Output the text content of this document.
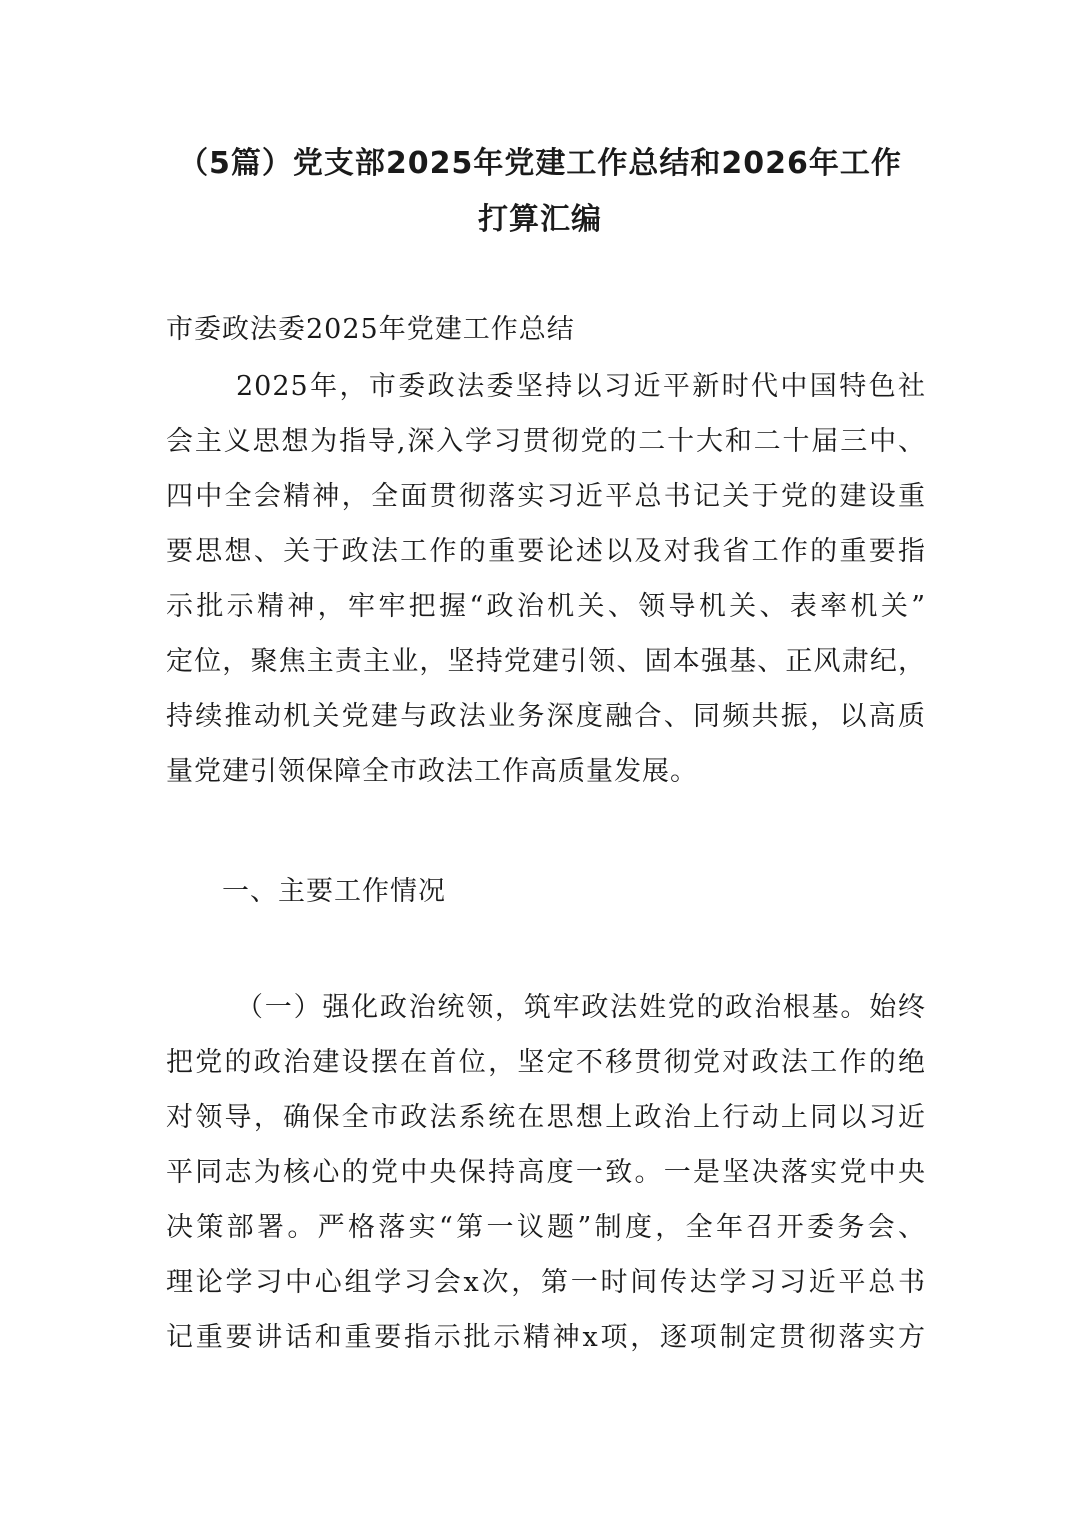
（5篇）党支部2025年党建工作总结和2026年工作
打算汇编

市委政法委2025年党建工作总结

2025年，市委政法委坚持以习近平新时代中国特色社

会主义思想为指导,深入学习贯彻党的二十大和二十届三中、

四中全会精神，全面贯彻落实习近平总书记关于党的建设重

要思想、关于政法工作的重要论述以及对我省工作的重要指

示批示精神，牢牢把握“政治机关、领导机关、表率机关”

定位，聚焦主责主业，坚持党建引领、固本强基、正风肃纪，

持续推动机关党建与政法业务深度融合、同频共振，以高质

量党建引领保障全市政法工作高质量发展。

一、主要工作情况

（一）强化政治统领，筑牢政法姓党的政治根基。始终

把党的政治建设摆在首位，坚定不移贯彻党对政法工作的绝

对领导，确保全市政法系统在思想上政治上行动上同以习近

平同志为核心的党中央保持高度一致。一是坚决落实党中央

决策部署。严格落实“第一议题”制度，全年召开委务会、

理论学习中心组学习会x次，第一时间传达学习习近平总书

记重要讲话和重要指示批示精神x项，逐项制定贯彻落实方
